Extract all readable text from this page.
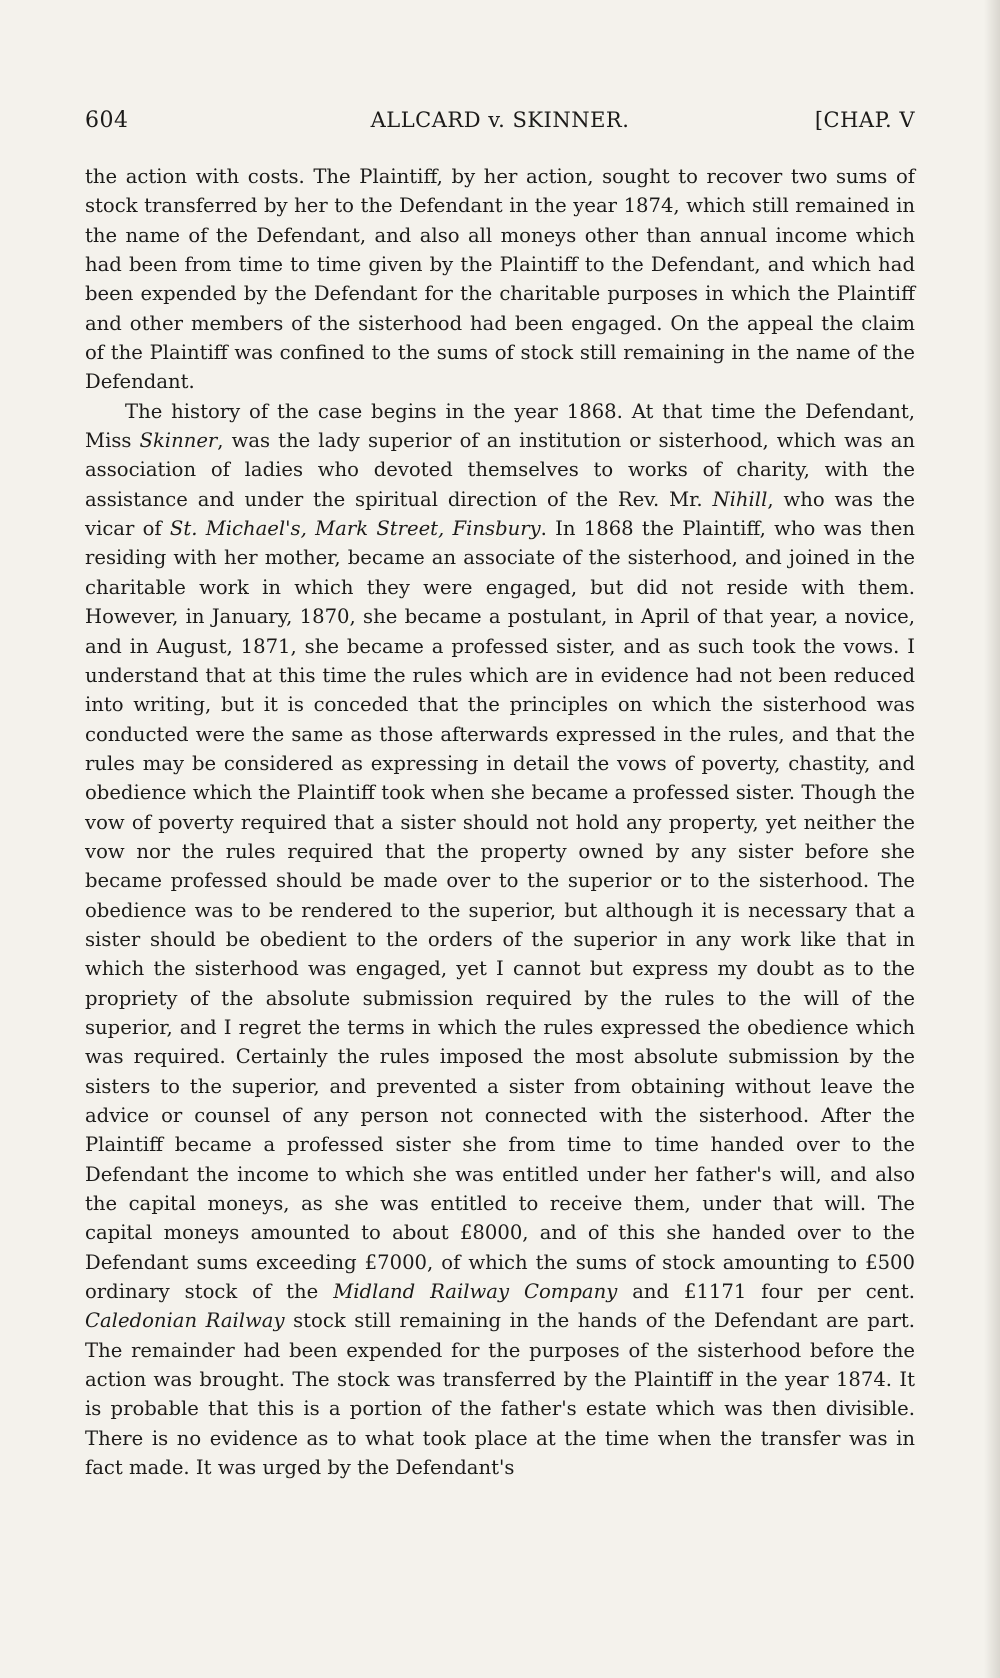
604	ALLCARD v. SKINNER.	[CHAP. V

the action with costs. The Plaintiff, by her action, sought to recover two sums of stock transferred by her to the Defendant in the year 1874, which still remained in the name of the Defendant, and also all moneys other than annual income which had been from time to time given by the Plaintiff to the Defendant, and which had been expended by the Defendant for the charitable purposes in which the Plaintiff and other members of the sisterhood had been engaged. On the appeal the claim of the Plaintiff was confined to the sums of stock still remaining in the name of the Defendant.

The history of the case begins in the year 1868. At that time the Defendant, Miss Skinner, was the lady superior of an institution or sisterhood, which was an association of ladies who devoted themselves to works of charity, with the assistance and under the spiritual direction of the Rev. Mr. Nihill, who was the vicar of St. Michael's, Mark Street, Finsbury. In 1868 the Plaintiff, who was then residing with her mother, became an associate of the sisterhood, and joined in the charitable work in which they were engaged, but did not reside with them. However, in January, 1870, she became a postulant, in April of that year, a novice, and in August, 1871, she became a professed sister, and as such took the vows. I understand that at this time the rules which are in evidence had not been reduced into writing, but it is conceded that the principles on which the sisterhood was conducted were the same as those afterwards expressed in the rules, and that the rules may be considered as expressing in detail the vows of poverty, chastity, and obedience which the Plaintiff took when she became a professed sister. Though the vow of poverty required that a sister should not hold any property, yet neither the vow nor the rules required that the property owned by any sister before she became professed should be made over to the superior or to the sisterhood. The obedience was to be rendered to the superior, but although it is necessary that a sister should be obedient to the orders of the superior in any work like that in which the sisterhood was engaged, yet I cannot but express my doubt as to the propriety of the absolute submission required by the rules to the will of the superior, and I regret the terms in which the rules expressed the obedience which was required. Certainly the rules imposed the most absolute submission by the sisters to the superior, and prevented a sister from obtaining without leave the advice or counsel of any person not connected with the sisterhood. After the Plaintiff became a professed sister she from time to time handed over to the Defendant the income to which she was entitled under her father's will, and also the capital moneys, as she was entitled to receive them, under that will. The capital moneys amounted to about £8000, and of this she handed over to the Defendant sums exceeding £7000, of which the sums of stock amounting to £500 ordinary stock of the Midland Railway Company and £1171 four per cent. Caledonian Railway stock still remaining in the hands of the Defendant are part. The remainder had been expended for the purposes of the sisterhood before the action was brought. The stock was transferred by the Plaintiff in the year 1874. It is probable that this is a portion of the father's estate which was then divisible. There is no evidence as to what took place at the time when the transfer was in fact made. It was urged by the Defendant's
